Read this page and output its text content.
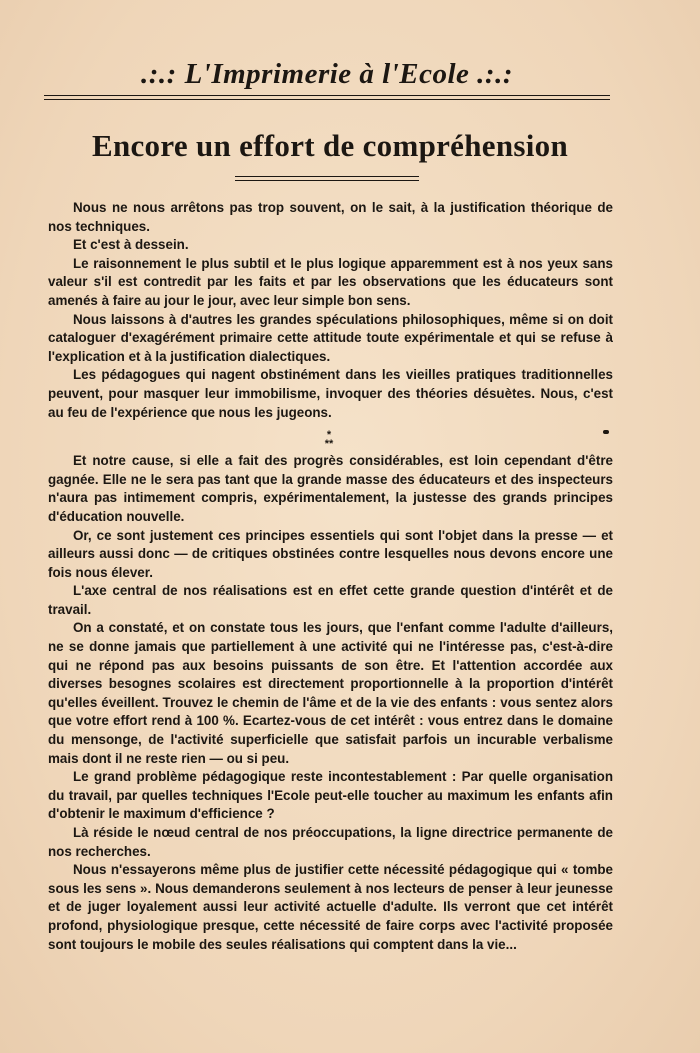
.:.: L'Imprimerie à l'Ecole .:.:
Encore un effort de compréhension

Nous ne nous arrêtons pas trop souvent, on le sait, à la justification théorique de nos techniques.

Et c'est à dessein.

Le raisonnement le plus subtil et le plus logique apparemment est à nos yeux sans valeur s'il est contredit par les faits et par les observations que les éducateurs sont amenés à faire au jour le jour, avec leur simple bon sens.

Nous laissons à d'autres les grandes spéculations philosophiques, même si on doit cataloguer d'exagérément primaire cette attitude toute expérimentale et qui se refuse à l'explication et à la justification dialectiques.

Les pédagogues qui nagent obstinément dans les vieilles pratiques traditionnelles peuvent, pour masquer leur immobilisme, invoquer des théories désuètes. Nous, c'est au feu de l'expérience que nous les jugeons.

Et notre cause, si elle a fait des progrès considérables, est loin cependant d'être gagnée. Elle ne le sera pas tant que la grande masse des éducateurs et des inspecteurs n'aura pas intimement compris, expérimentalement, la justesse des grands principes d'éducation nouvelle.

Or, ce sont justement ces principes essentiels qui sont l'objet dans la presse — et ailleurs aussi donc — de critiques obstinées contre lesquelles nous devons encore une fois nous élever.

L'axe central de nos réalisations est en effet cette grande question d'intérêt et de travail.

On a constaté, et on constate tous les jours, que l'enfant comme l'adulte d'ailleurs, ne se donne jamais que partiellement à une activité qui ne l'intéresse pas, c'est-à-dire qui ne répond pas aux besoins puissants de son être. Et l'attention accordée aux diverses besognes scolaires est directement proportionnelle à la proportion d'intérêt qu'elles éveillent. Trouvez le chemin de l'âme et de la vie des enfants : vous sentez alors que votre effort rend à 100 %. Ecartez-vous de cet intérêt : vous entrez dans le domaine du mensonge, de l'activité superficielle que satisfait parfois un incurable verbalisme mais dont il ne reste rien — ou si peu.

Le grand problème pédagogique reste incontestablement : Par quelle organisation du travail, par quelles techniques l'Ecole peut-elle toucher au maximum les enfants afin d'obtenir le maximum d'efficience ?

Là réside le nœud central de nos préoccupations, la ligne directrice permanente de nos recherches.

Nous n'essayerons même plus de justifier cette nécessité pédagogique qui « tombe sous les sens ». Nous demanderons seulement à nos lecteurs de penser à leur jeunesse et de juger loyalement aussi leur activité actuelle d'adulte. Ils verront que cet intérêt profond, physiologique presque, cette nécessité de faire corps avec l'activité proposée sont toujours le mobile des seules réalisations qui comptent dans la vie...

*
**
